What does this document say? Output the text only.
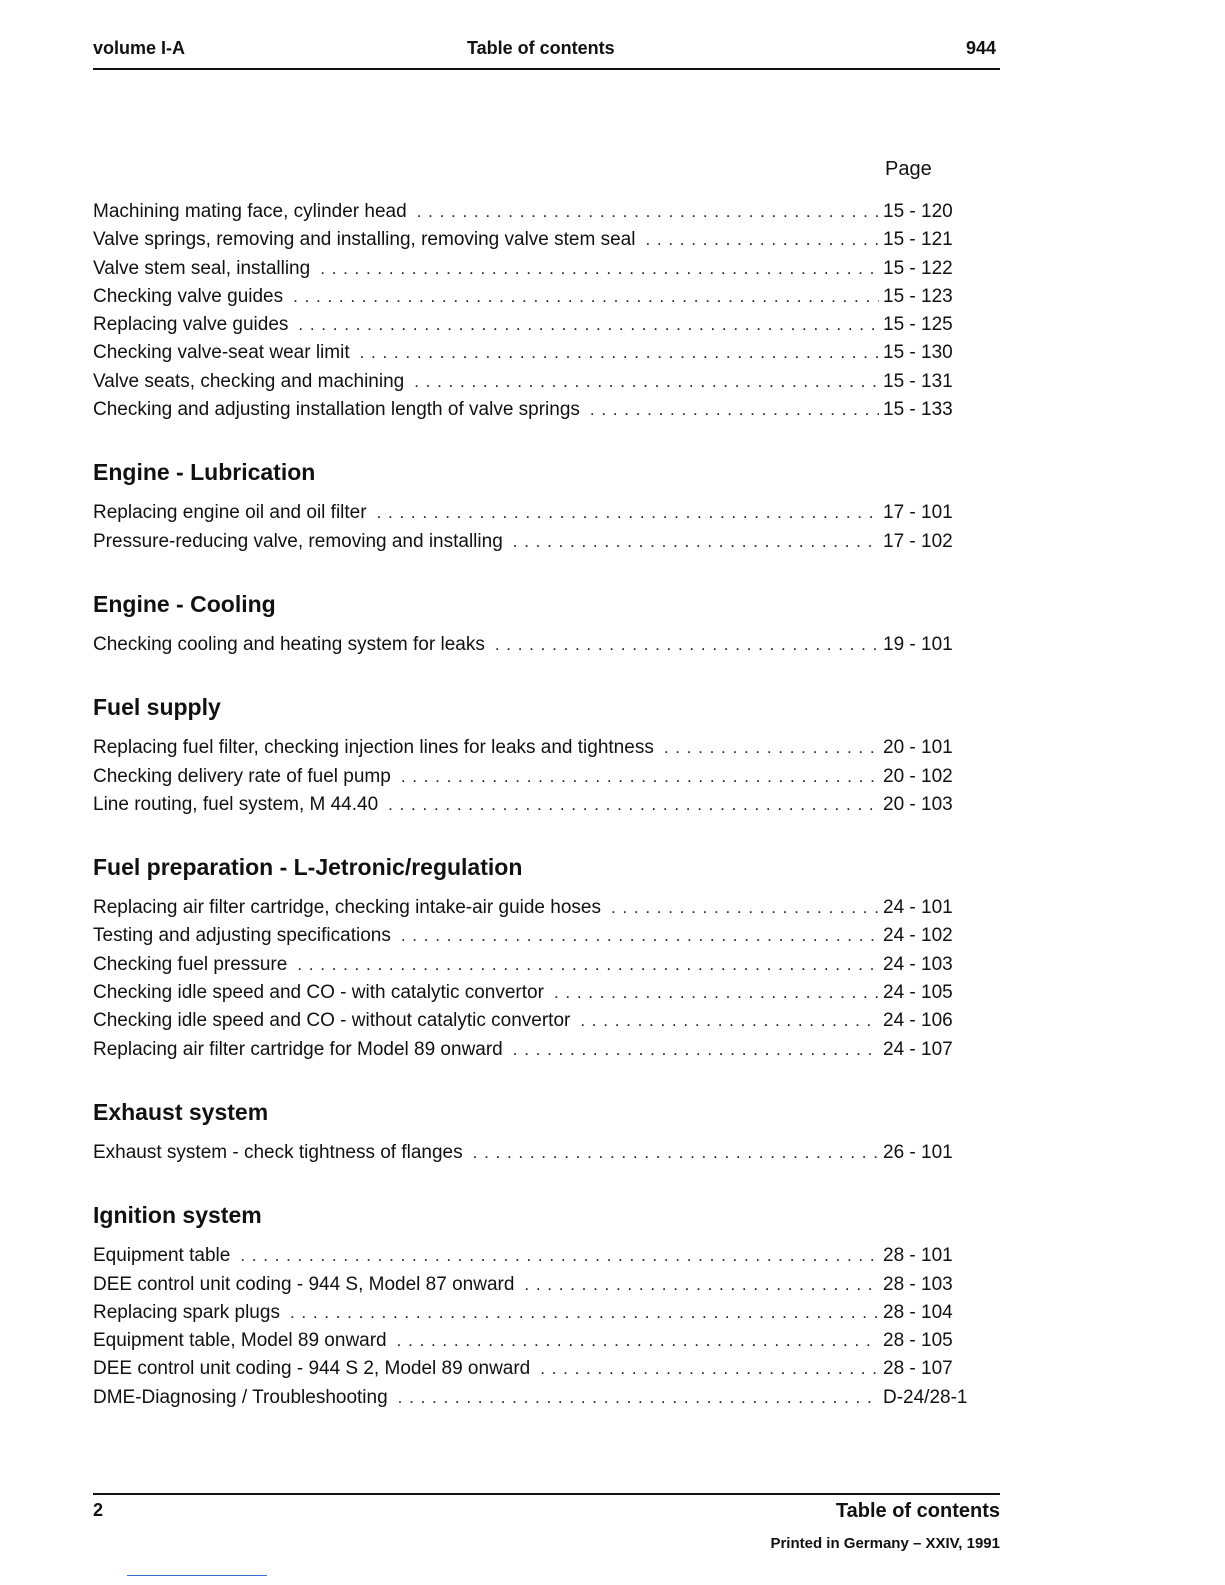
volume I-A	Table of contents	944
Page
Machining mating face, cylinder head . . .	15 - 120
Valve springs, removing and installing, removing valve stem seal . . .	15 - 121
Valve stem seal, installing . . .	15 - 122
Checking valve guides . . .	15 - 123
Replacing valve guides . . .	15 - 125
Checking valve-seat wear limit . . .	15 - 130
Valve seats, checking and machining . . .	15 - 131
Checking and adjusting installation length of valve springs . . .	15 - 133
Engine - Lubrication
Replacing engine oil and oil filter . . .	17 - 101
Pressure-reducing valve, removing and installing . . .	17 - 102
Engine - Cooling
Checking cooling and heating system for leaks . . .	19 - 101
Fuel supply
Replacing fuel filter, checking injection lines for leaks and tightness . . .	20 - 101
Checking delivery rate of fuel pump . . .	20 - 102
Line routing, fuel system, M 44.40 . . .	20 - 103
Fuel preparation - L-Jetronic/regulation
Replacing air filter cartridge, checking intake-air guide hoses . . .	24 - 101
Testing and adjusting specifications . . .	24 - 102
Checking fuel pressure . . .	24 - 103
Checking idle speed and CO - with catalytic convertor . . .	24 - 105
Checking idle speed and CO - without catalytic convertor . . .	24 - 106
Replacing air filter cartridge for Model 89 onward . . .	24 - 107
Exhaust system
Exhaust system - check tightness of flanges . . .	26 - 101
Ignition system
Equipment table . . .	28 - 101
DEE control unit coding - 944 S, Model 87 onward . . .	28 - 103
Replacing spark plugs . . .	28 - 104
Equipment table, Model 89 onward . . .	28 - 105
DEE control unit coding - 944 S 2, Model 89 onward . . .	28 - 107
DME-Diagnosing / Troubleshooting . . .	D-24/28-1
2	Table of contents
Printed in Germany – XXIV, 1991
